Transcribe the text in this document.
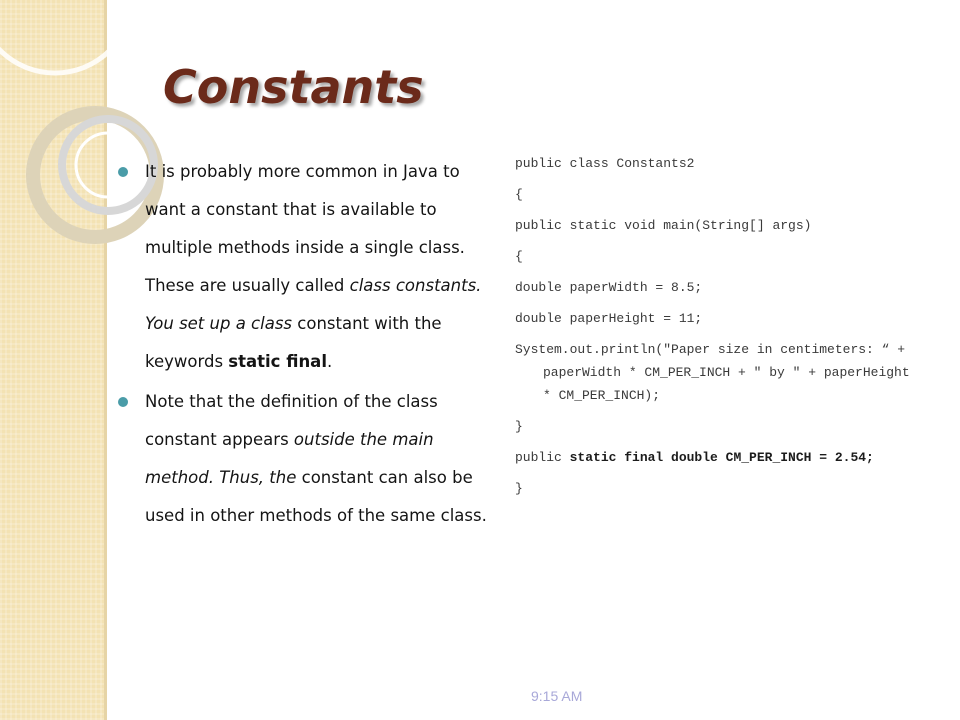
Constants
It is probably more common in Java to want a constant that is available to multiple methods inside a single class. These are usually called class constants. You set up a class constant with the keywords static final.
Note that the definition of the class constant appears outside the main method. Thus, the constant can also be used in other methods of the same class.
public class Constants2
{
public static void main(String[] args)
{
double paperWidth = 8.5;
double paperHeight = 11;
System.out.println("Paper size in centimeters: “ + paperWidth * CM_PER_INCH + " by " + paperHeight * CM_PER_INCH);
}
public static final double CM_PER_INCH = 2.54;
}
9:15 AM
